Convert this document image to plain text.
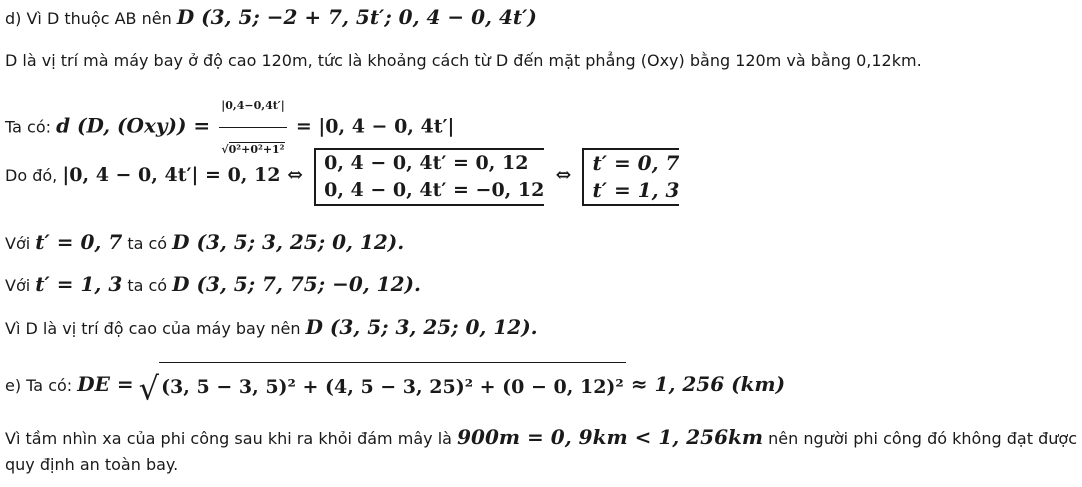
d) Vì D thuộc AB nên D (3, 5; −2 + 7, 5t′; 0, 4 − 0, 4t′)
D là vị trí mà máy bay ở độ cao 120m, tức là khoảng cách từ D đến mặt phẳng (Oxy) bằng 120m và bằng 0,12km.
Ta có: d (D, $(Oxy)) = \frac{|0,4-0,4t'|}{\text{√0²+0²+1²}} = |0$, 4 − 0, 4t′|
Do đó, |0, 4 − 0, 4t′| = 0, 12 ⇔
0, 4 − 0, 4t′ = 0, 12
0, 4 − 0, 4t′ = −0, 12
⇔
t′ = 0, 7
t′ = 1, 3
Với t′ = 0, 7 ta có D (3, 5; 3, 25; 0, 12).
Với t′ = 1, 3 ta có D (3, 5; 7, 75; −0, 12).
Vì D là vị trí độ cao của máy bay nên D (3, 5; 3, 25; 0, 12).
e) Ta có: DE = √ (3, 5 − 3, 5)² + (4, 5 − 3, 25)² + (0 − 0, 12)² ≈ 1, 256 (km)
Vì tầm nhìn xa của phi công sau khi ra khỏi đám mây là 900m = 0, 9km < 1, 256km nên người phi công đó không đạt được quy định an toàn bay.
